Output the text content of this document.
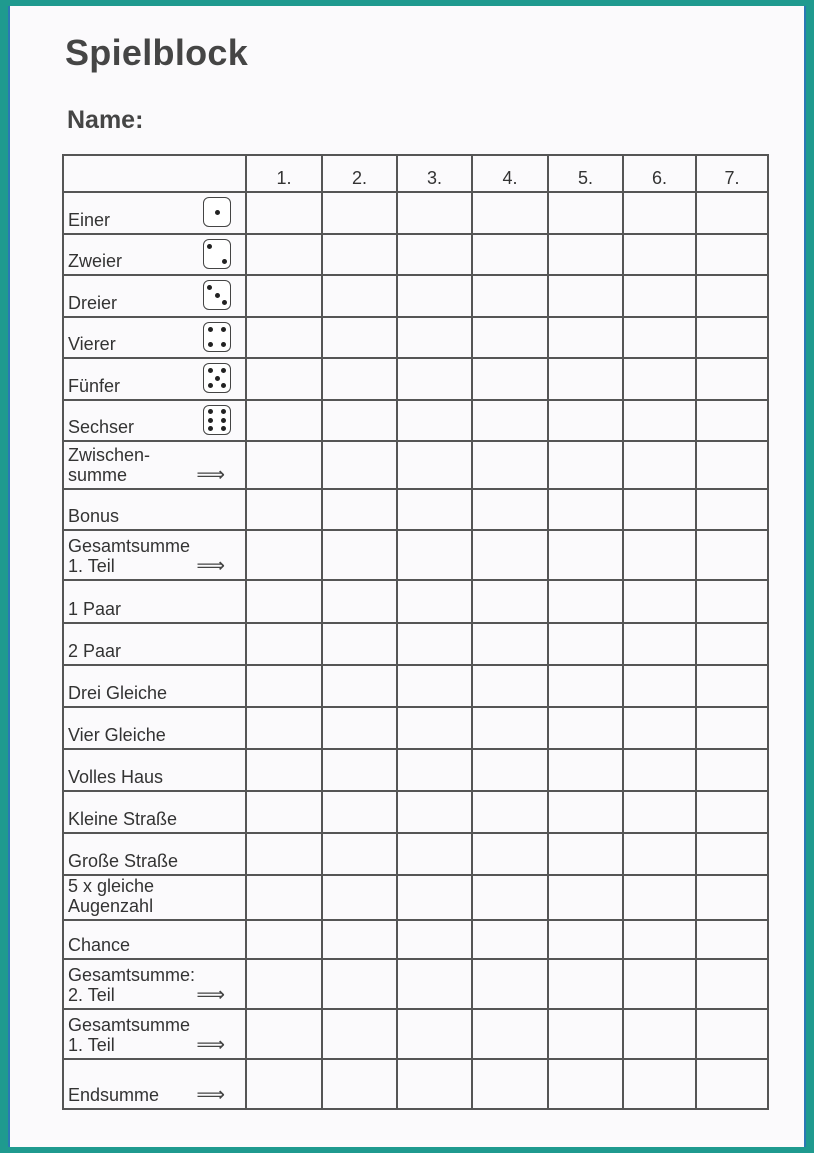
Spielblock
Name:
	1.	2.	3.	4.	5.	6.	7.
Einer

Zweier

Dreier

Vierer

Fünfer

Sechser

Zwischen-
summe ⟹							

Bonus							
Gesamtsumme
1. Teil ⟹							

1 Paar							
2 Paar							
Drei Gleiche							
Vier Gleiche							
Volles Haus							
Kleine Straße							
Große Straße							
5 x gleiche
Augenzahl							
Chance							
Gesamtsumme:
2. Teil ⟹							

Gesamtsumme
1. Teil ⟹							

Endsumme ⟹							
